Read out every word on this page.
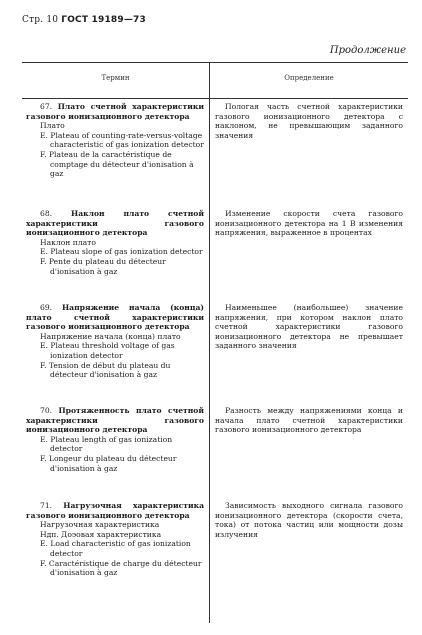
Стр. 10 ГОСТ 19189—73
Продолжение
Термин	Определение
67. Плато счетной характеристики газового ионизационного детектора
Плато
E. Plateau of counting-rate-versus-voltage characteristic of gas ionization detector
F. Plateau de la caractéristique de comptage du détecteur d'ionisation à gaz

Пологая часть счетной характеристики газового ионизационного детектора с наклоном, не превышающим заданного значения

68. Наклон плато счетной характеристики газового ионизационного детектора
Наклон плато
E. Plateau slope of gas ionization detector
F. Pente du plateau du détecteur d'ionisation à gaz

Изменение скорости счета газового ионизационного детектора на 1 В изменения напряжения, выраженное в процентах

69. Напряжение начала (конца) плато счетной характеристики газового ионизационного детектора
Напряжение начала (конца) плато
E. Plateau threshold voltage of gas ionization detector
F. Tension de début du plateau du détecteur d'ionisation à gaz

Наименьшее (наибольшее) значение напряжения, при котором наклон плато счетной характеристики газового ионизационного детектора не превышает заданного значения

70. Протяженность плато счетной характеристики газового ионизационного детектора
E. Plateau length of gas ionization detector
F. Longeur du plateau du détecteur d'ionisation à gaz

Разность между напряжениями конца и начала плато счетной характеристики газового ионизационного детектора

71. Нагрузочная характеристика газового ионизационного детектора
Нагрузочная характеристика
Ндп. Доэовая характеристика
E. Load characteristic of gas ionization detector
F. Caractéristique de charge du détecteur d'ionisation à gaz

Зависимость выходного сигнала газового ионизационного детектора (скорости счета, тока) от потока частиц или мощности дозы излучения
